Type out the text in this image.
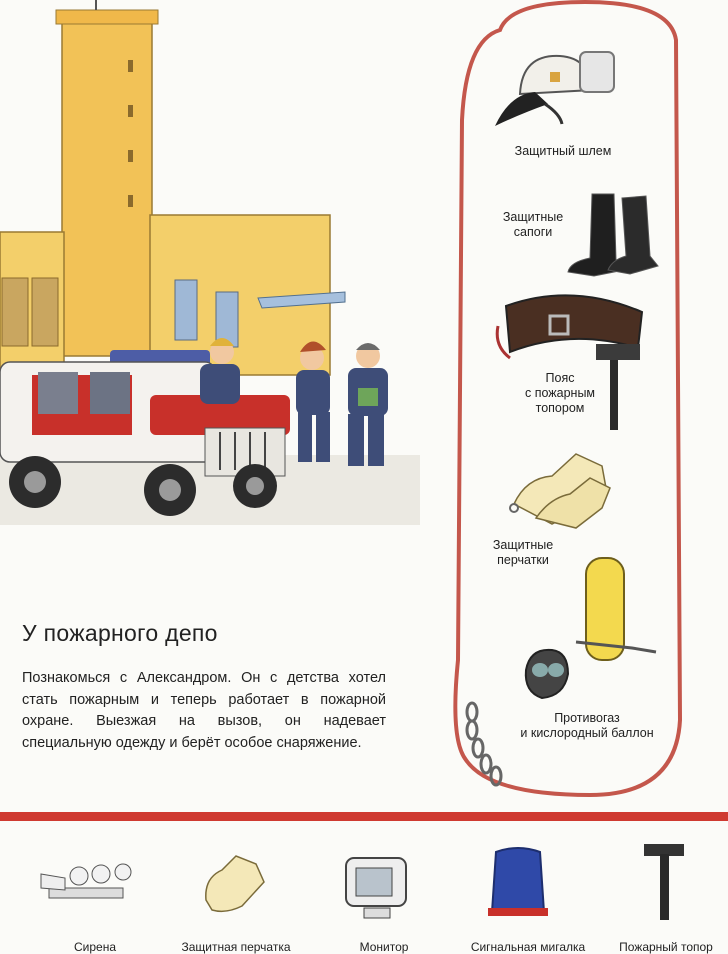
Защитный шлем
Защитные
сапоги
Пояс
с пожарным
топором
Защитные
перчатки
Противогаз
и кислородный баллон
У пожарного депо
Познакомься с Александром. Он с детства хотел стать пожарным и теперь работает в пожарной охране. Выезжая на вызов, он надевает специальную одежду и берёт особое снаряжение.
Сирена	Защитная перчатка	Монитор	Сигнальная мигалка	Пожарный топор
